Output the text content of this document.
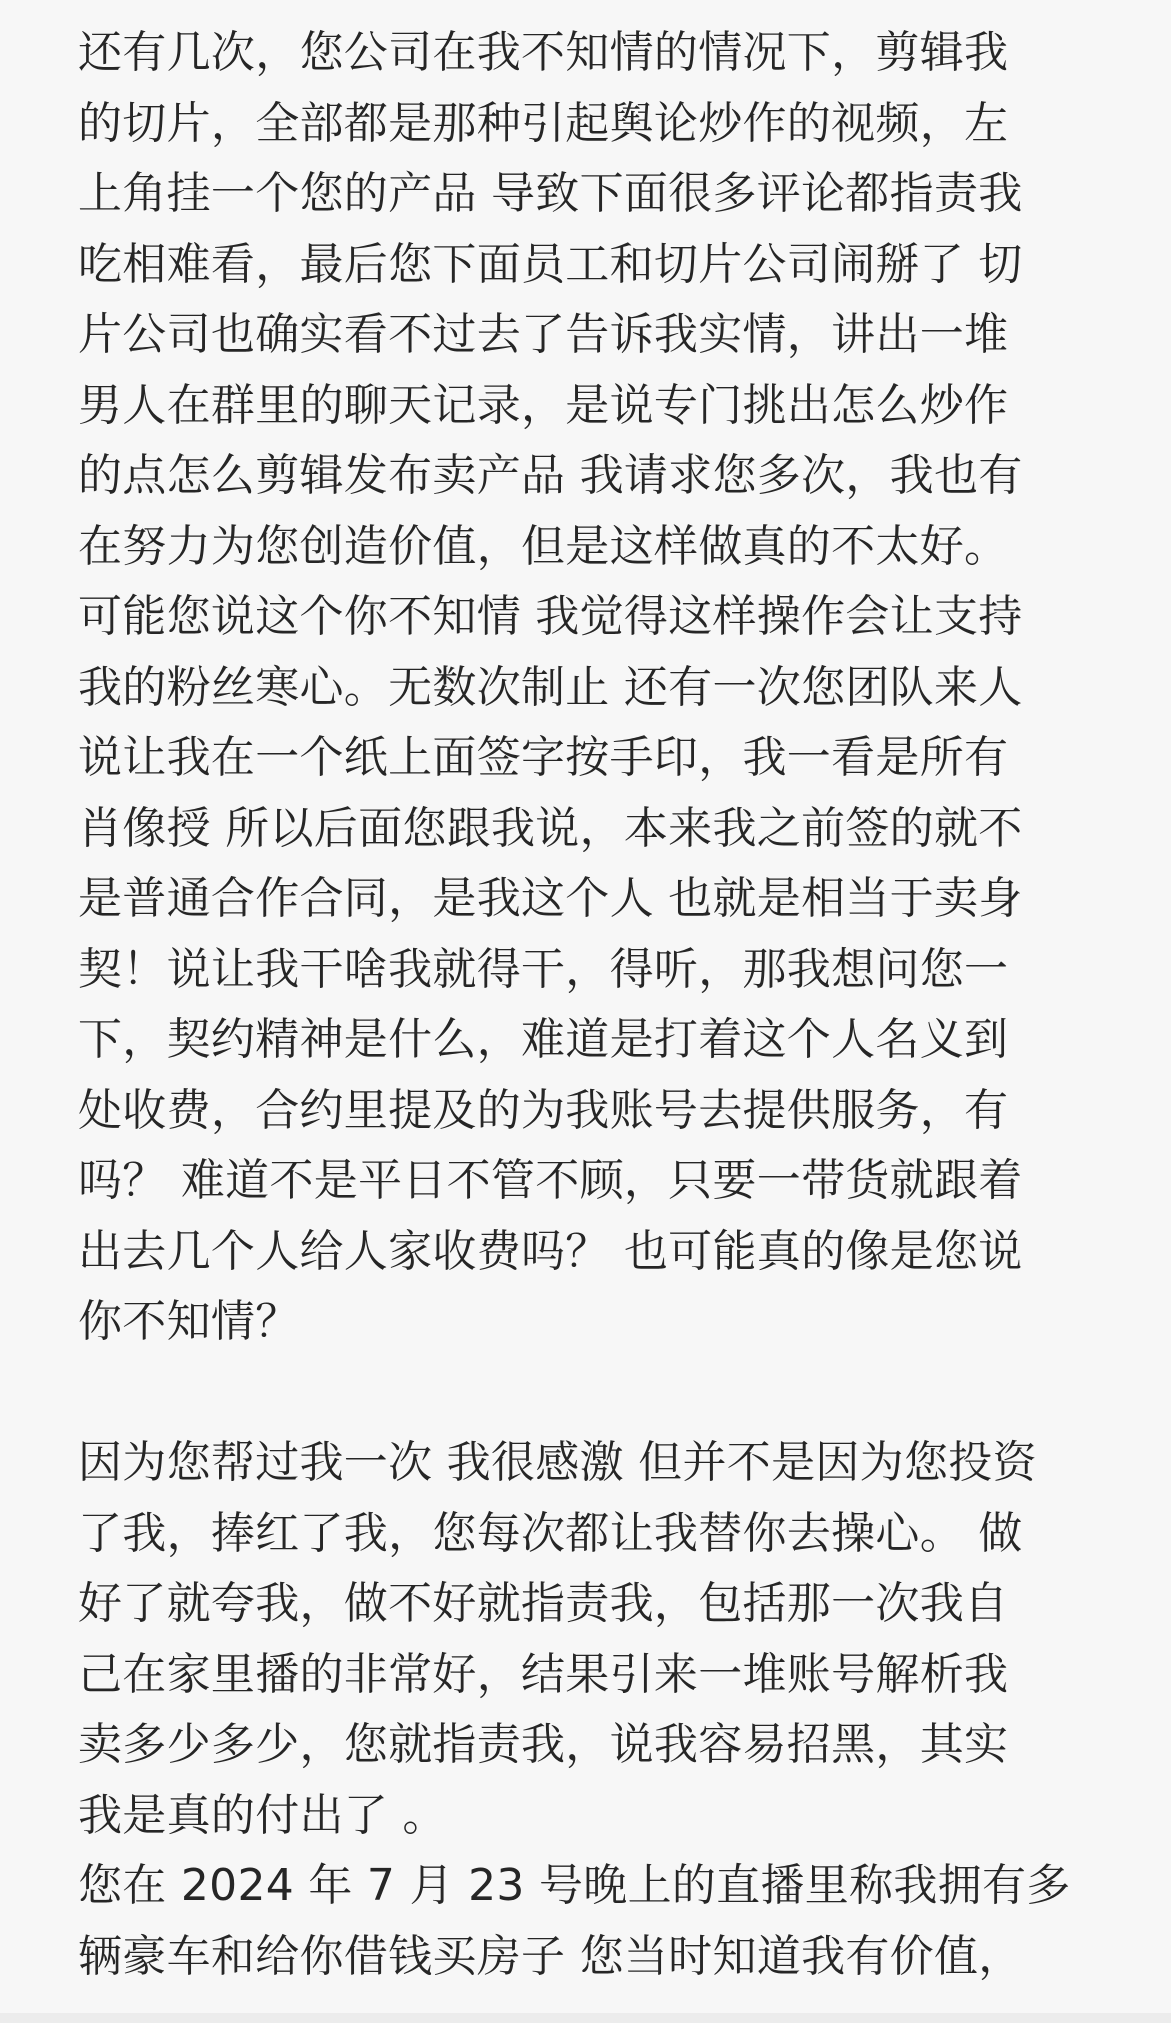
还有几次，您公司在我不知情的情况下，剪辑我
的切片，全部都是那种引起舆论炒作的视频，左
上角挂一个您的产品 导致下面很多评论都指责我
吃相难看，最后您下面员工和切片公司闹掰了 切
片公司也确实看不过去了告诉我实情，讲出一堆
男人在群里的聊天记录，是说专门挑出怎么炒作
的点怎么剪辑发布卖产品 我请求您多次，我也有
在努力为您创造价值，但是这样做真的不太好。
可能您说这个你不知情 我觉得这样操作会让支持
我的粉丝寒心。无数次制止 还有一次您团队来人
说让我在一个纸上面签字按手印，我一看是所有
肖像授 所以后面您跟我说，本来我之前签的就不
是普通合作合同，是我这个人 也就是相当于卖身
契！说让我干啥我就得干，得听，那我想问您一
下，契约精神是什么，难道是打着这个人名义到
处收费，合约里提及的为我账号去提供服务，有
吗？ 难道不是平日不管不顾，只要一带货就跟着
出去几个人给人家收费吗？ 也可能真的像是您说
你不知情？
因为您帮过我一次 我很感激 但并不是因为您投资
了我，捧红了我，您每次都让我替你去操心。 做
好了就夸我，做不好就指责我，包括那一次我自
己在家里播的非常好，结果引来一堆账号解析我
卖多少多少，您就指责我，说我容易招黑，其实
我是真的付出了 。
您在 2024 年 7 月 23 号晚上的直播里称我拥有多
辆豪车和给你借钱买房子 您当时知道我有价值，
